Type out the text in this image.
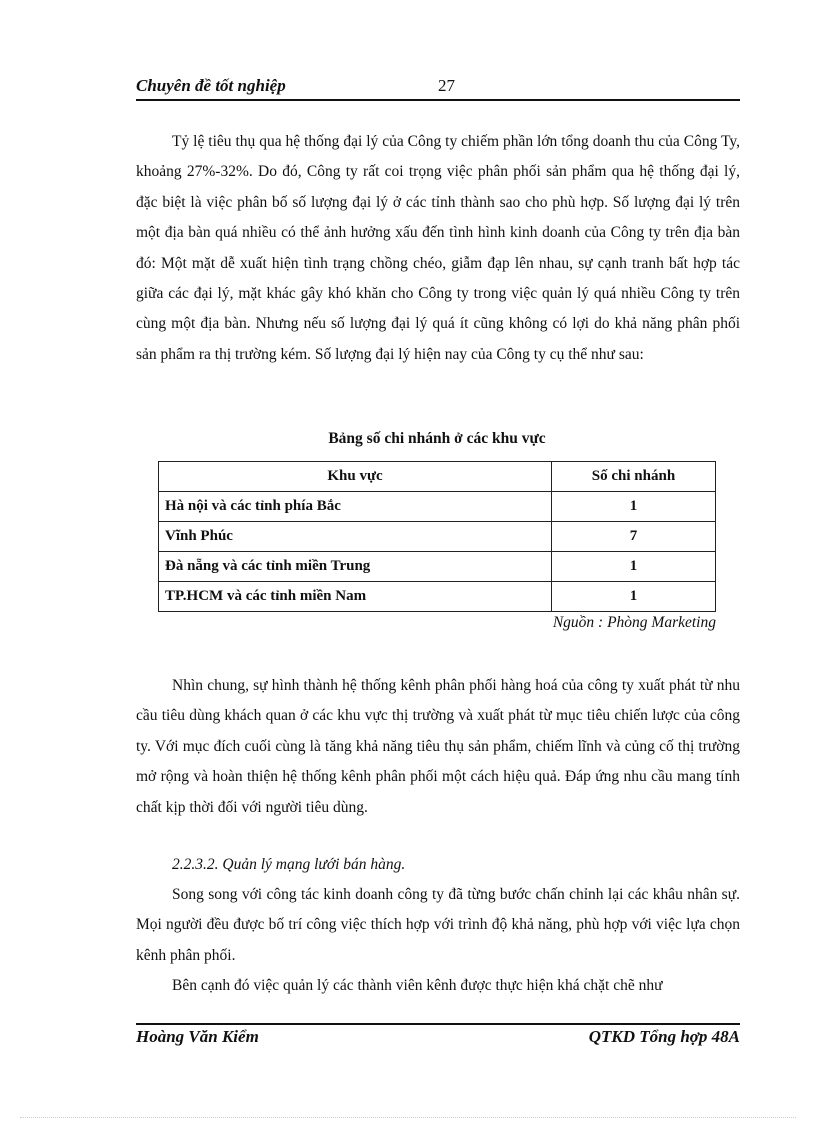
Chuyên đề tốt nghiệp	27

Tỷ lệ tiêu thụ qua hệ thống đại lý của Công ty chiếm phần lớn tổng doanh thu của Công Ty, khoảng 27%-32%. Do đó, Công ty rất coi trọng việc phân phối sản phẩm qua hệ thống đại lý, đặc biệt là việc phân bố số lượng đại lý ở các tỉnh thành sao cho phù hợp. Số lượng đại lý trên một địa bàn quá nhiều có thể ảnh hưởng xấu đến tình hình kinh doanh của Công ty trên địa bàn đó: Một mặt dễ xuất hiện tình trạng chồng chéo, giẫm đạp lên nhau, sự cạnh tranh bất hợp tác giữa các đại lý, mặt khác gây khó khăn cho Công ty trong việc quản lý quá nhiều Công ty trên cùng một địa bàn. Nhưng nếu số lượng đại lý quá ít cũng không có lợi do khả năng phân phối sản phẩm ra thị trường kém. Số lượng đại lý hiện nay của Công ty cụ thể như sau:

Bảng số chi nhánh ở các khu vực
Khu vực	Số chi nhánh
Hà nội và các tỉnh phía Bắc	1
Vĩnh Phúc	7
Đà nẵng và các tỉnh miền Trung	1
TP.HCM và các tỉnh miền Nam	1
Nguồn : Phòng Marketing

Nhìn chung, sự hình thành hệ thống kênh phân phối hàng hoá của công ty xuất phát từ nhu cầu tiêu dùng khách quan ở các khu vực thị trường và xuất phát từ mục tiêu chiến lược của công ty. Với mục đích cuối cùng là tăng khả năng tiêu thụ sản phẩm, chiếm lĩnh và củng cố thị trường mở rộng và hoàn thiện hệ thống kênh phân phối một cách hiệu quả. Đáp ứng nhu cầu mang tính chất kịp thời đối với người tiêu dùng.

2.2.3.2. Quản lý mạng lưới bán hàng.

Song song với công tác kinh doanh công ty đã từng bước chấn chỉnh lại các khâu nhân sự. Mọi người đều được bố trí công việc thích hợp với trình độ khả năng, phù hợp với việc lựa chọn kênh phân phối.

Bên cạnh đó việc quản lý các thành viên kênh được thực hiện khá chặt chẽ như

Hoàng Văn Kiểm	QTKD Tổng hợp 48A
